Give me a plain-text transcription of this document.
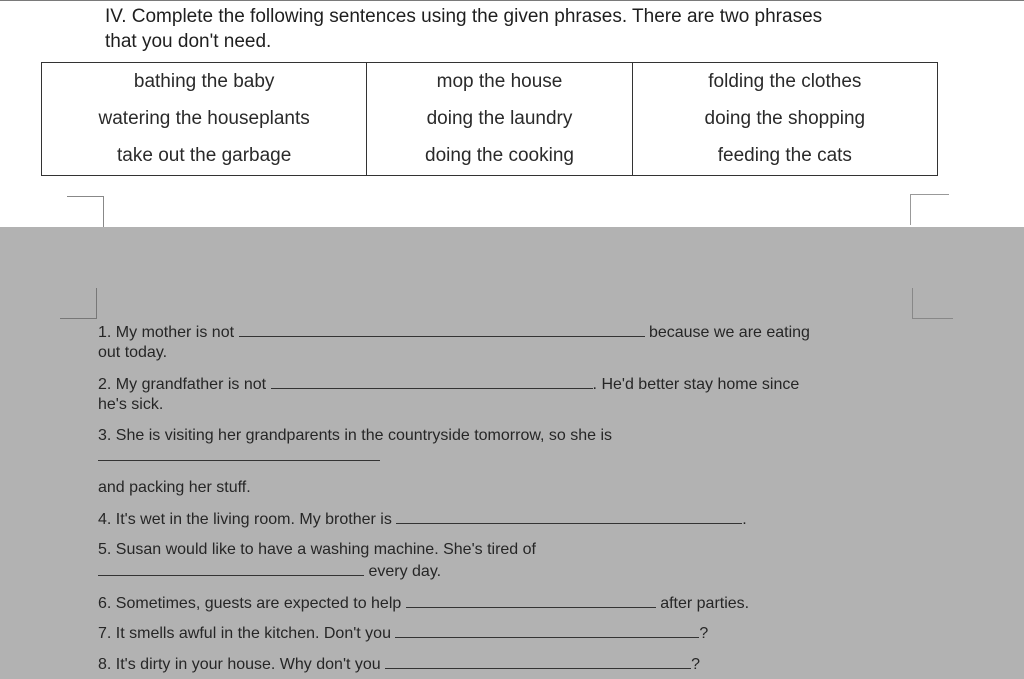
IV. Complete the following sentences using the given phrases. There are two phrases
that you don't need.
bathing the baby	mop the house	folding the clothes
watering the houseplants	doing the laundry	doing the shopping
take out the garbage	doing the cooking	feeding the cats
1. My mother is not	because we are eating
out today.
2. My grandfather is not	. He'd better stay home since
he's sick.
3. She is visiting her grandparents in the countryside tomorrow, so she is
and packing her stuff.
4. It's wet in the living room. My brother is	.
5. Susan would like to have a washing machine. She's tired of
every day.
6. Sometimes, guests are expected to help	after parties.
7. It smells awful in the kitchen. Don't you	?
8. It's dirty in your house. Why don't you	?
